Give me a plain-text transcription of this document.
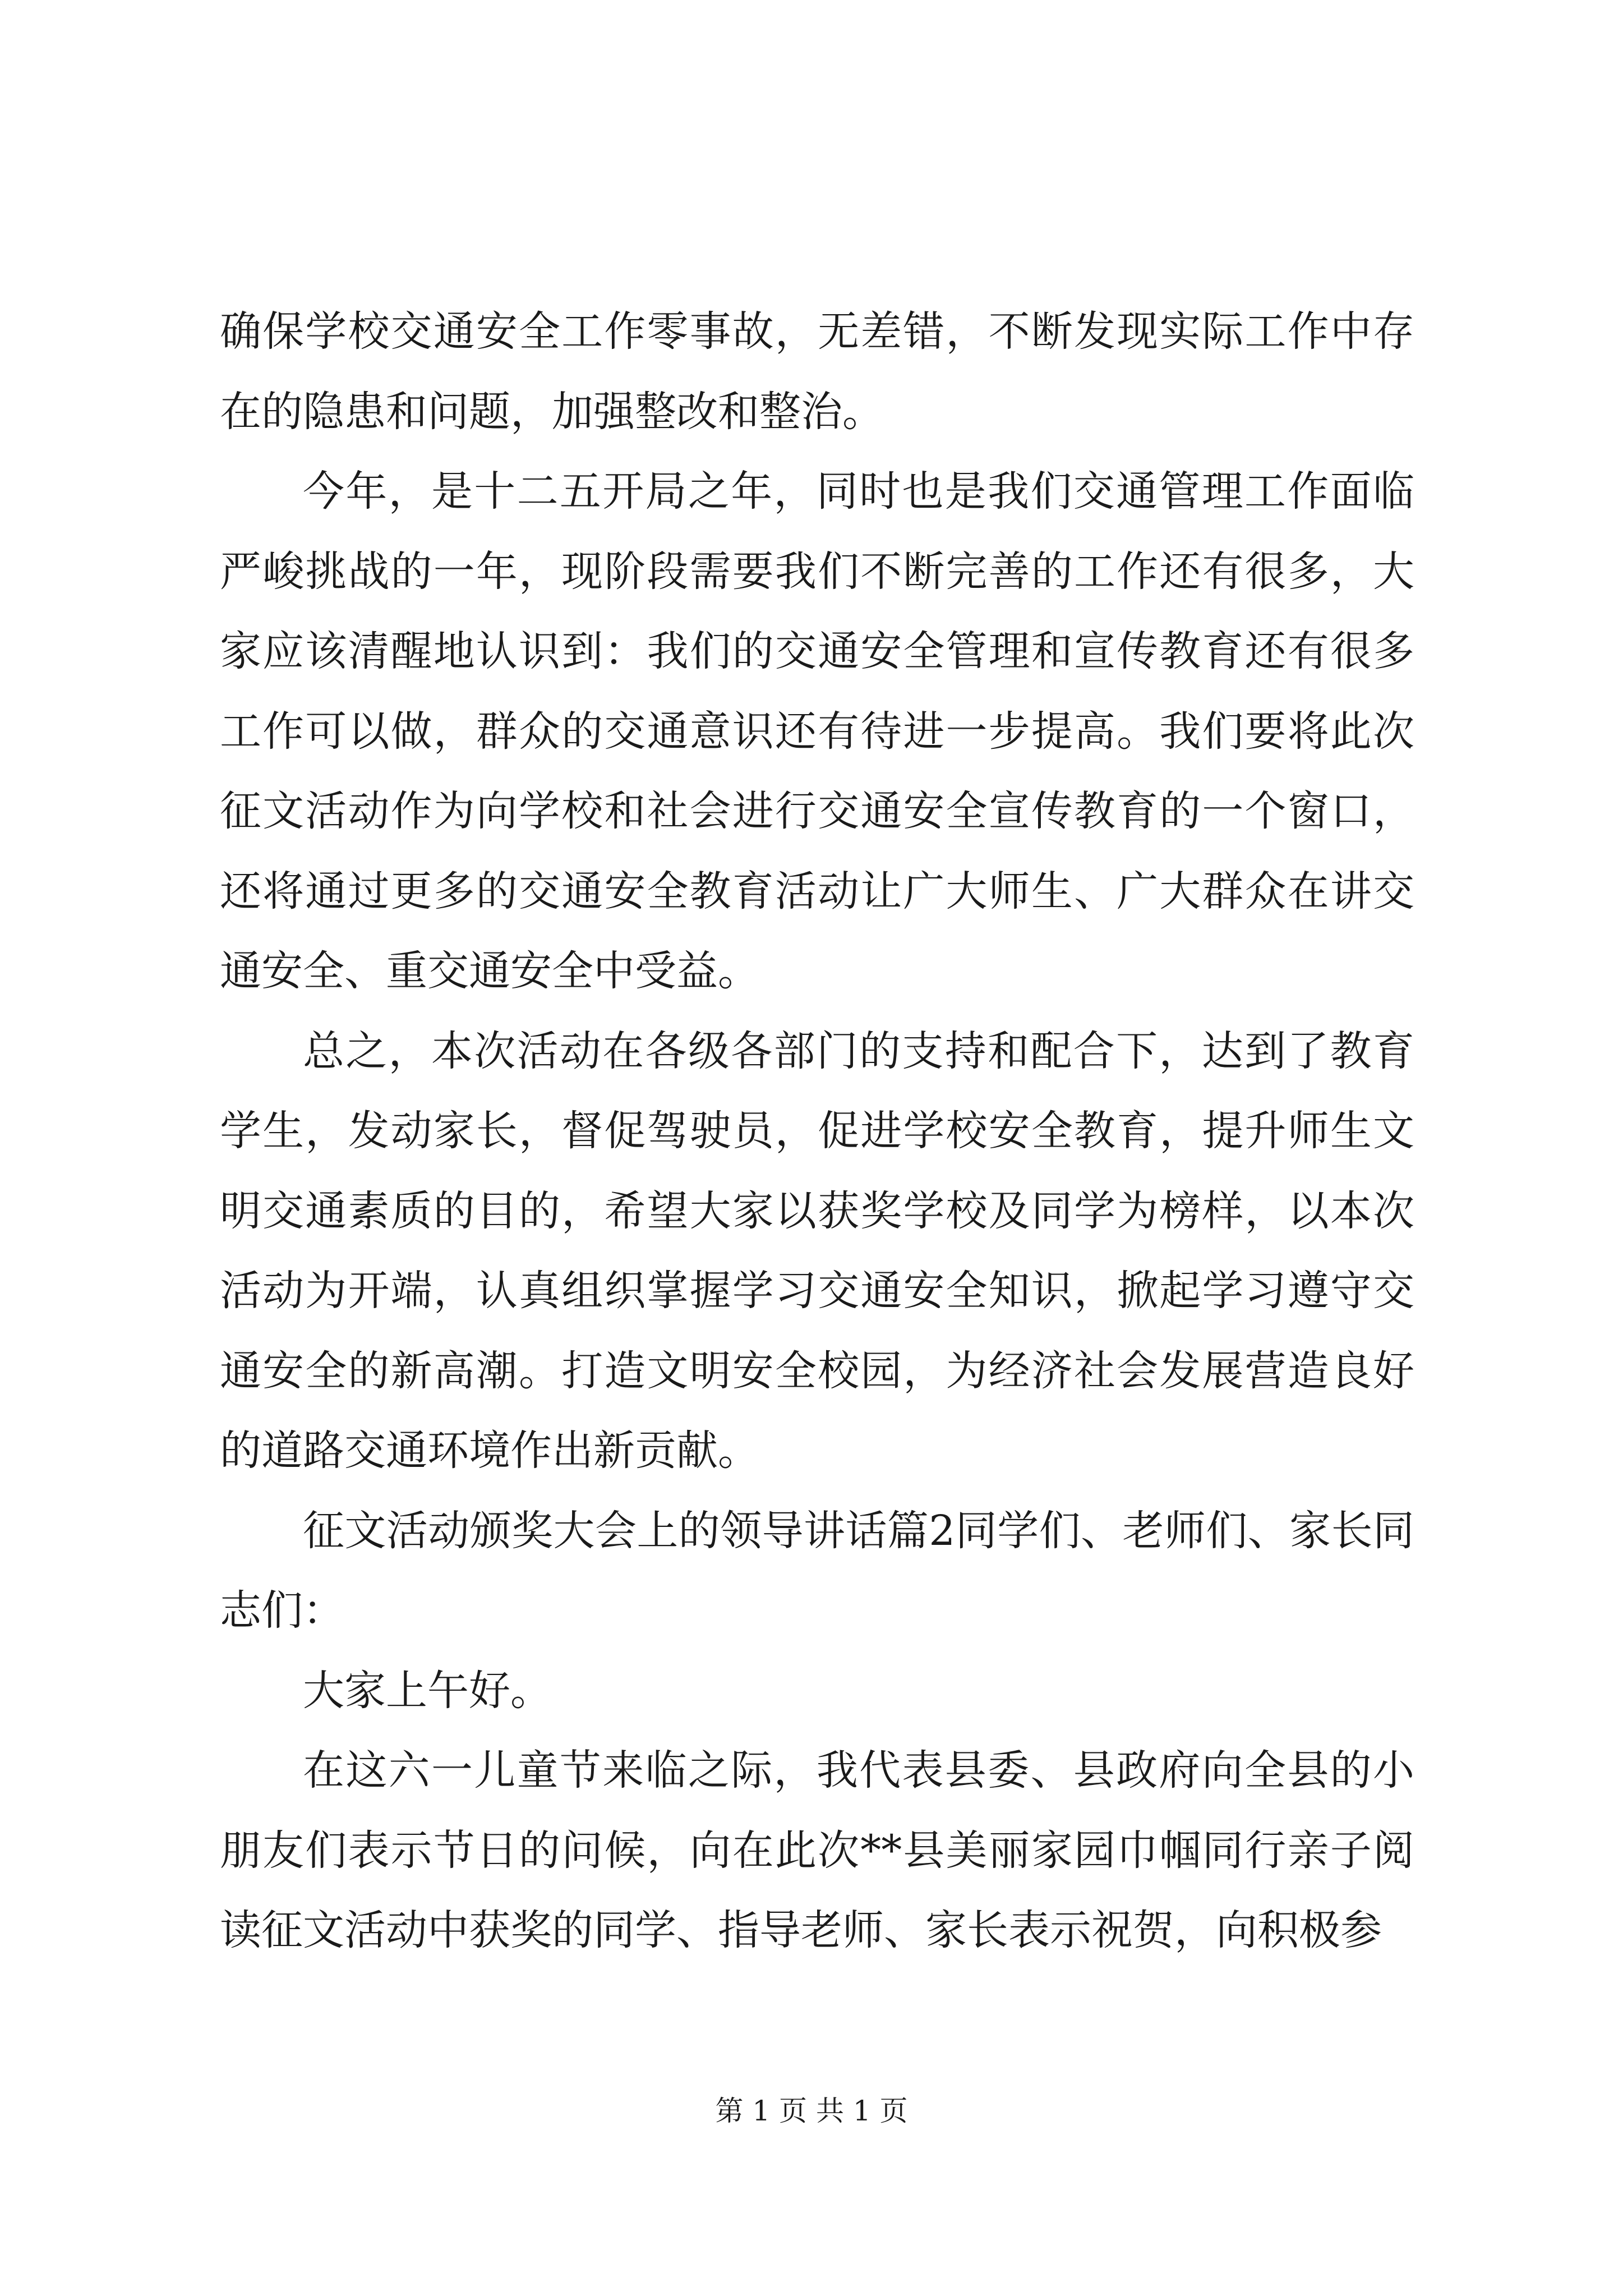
确保学校交通安全工作零事故，无差错，不断发现实际工作中存在的隐患和问题，加强整改和整治。

今年，是十二五开局之年，同时也是我们交通管理工作面临严峻挑战的一年，现阶段需要我们不断完善的工作还有很多，大家应该清醒地认识到：我们的交通安全管理和宣传教育还有很多工作可以做，群众的交通意识还有待进一步提高。我们要将此次征文活动作为向学校和社会进行交通安全宣传教育的一个窗口，还将通过更多的交通安全教育活动让广大师生、广大群众在讲交通安全、重交通安全中受益。

总之，本次活动在各级各部门的支持和配合下，达到了教育学生，发动家长，督促驾驶员，促进学校安全教育，提升师生文明交通素质的目的，希望大家以获奖学校及同学为榜样，以本次活动为开端，认真组织掌握学习交通安全知识，掀起学习遵守交通安全的新高潮。打造文明安全校园，为经济社会发展营造良好的道路交通环境作出新贡献。

征文活动颁奖大会上的领导讲话篇2同学们、老师们、家长同志们：

大家上午好。

在这六一儿童节来临之际，我代表县委、县政府向全县的小朋友们表示节日的问候，向在此次**县美丽家园巾帼同行亲子阅读征文活动中获奖的同学、指导老师、家长表示祝贺，向积极参

第 1 页 共 1 页
